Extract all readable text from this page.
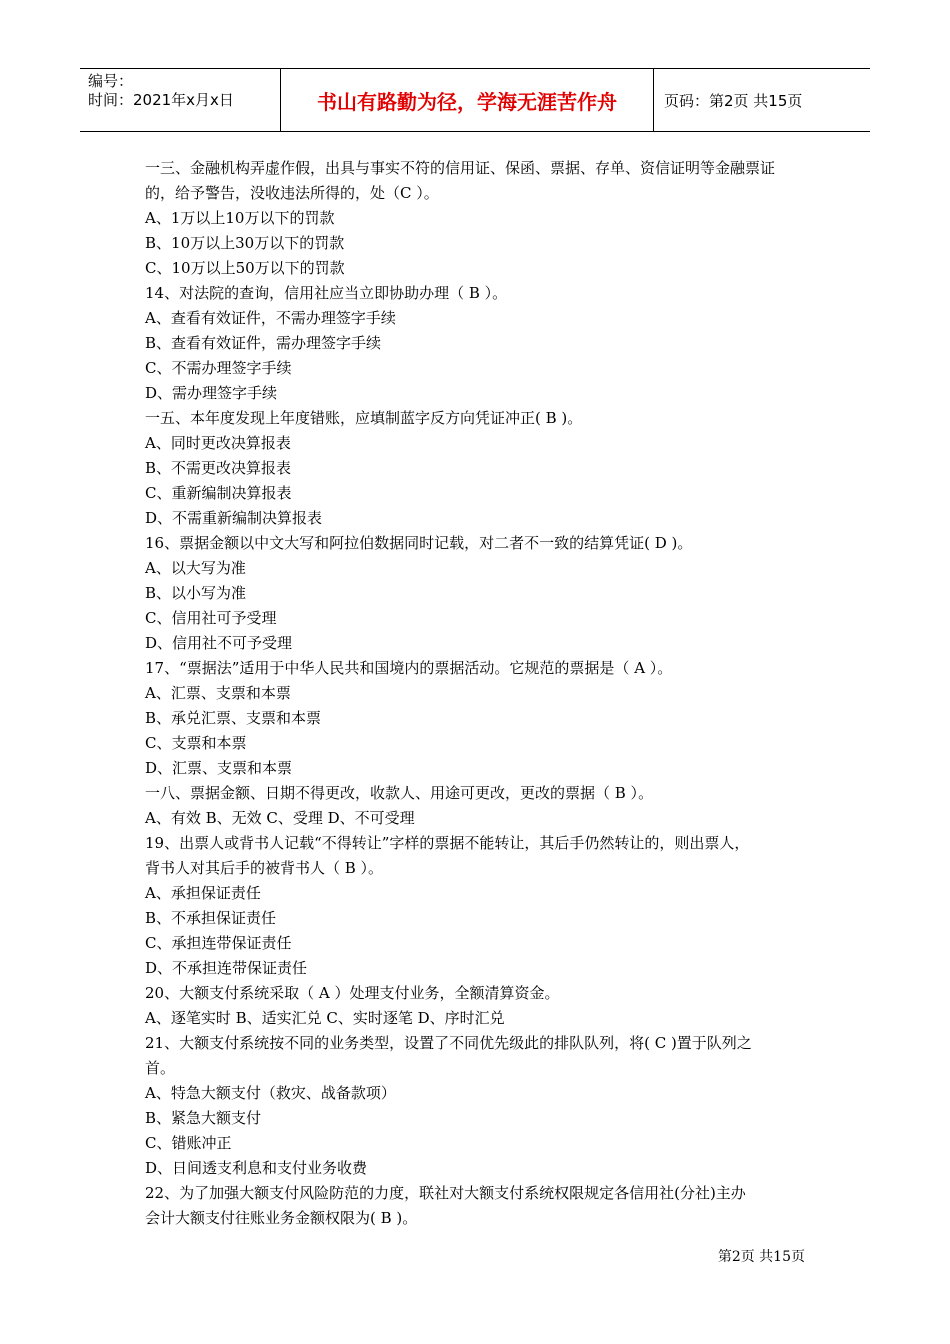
编号：
时间：2021年x月x日	书山有路勤为径，学海无涯苦作舟	页码：第2页 共15页
一三、金融机构弄虚作假，出具与事实不符的信用证、保函、票据、存单、资信证明等金融票证
的，给予警告，没收违法所得的，处（C ）。
A、1万以上10万以下的罚款
B、10万以上30万以下的罚款
C、10万以上50万以下的罚款
14、对法院的查询，信用社应当立即协助办理（ B ）。
A、查看有效证件，不需办理签字手续
B、查看有效证件，需办理签字手续
C、不需办理签字手续
D、需办理签字手续
一五、本年度发现上年度错账，应填制蓝字反方向凭证冲正( B )。
A、同时更改决算报表
B、不需更改决算报表
C、重新编制决算报表
D、不需重新编制决算报表
16、票据金额以中文大写和阿拉伯数据同时记载，对二者不一致的结算凭证( D )。
A、以大写为准
B、以小写为准
C、信用社可予受理
D、信用社不可予受理
17、“票据法”适用于中华人民共和国境内的票据活动。它规范的票据是（ A ）。
A、汇票、支票和本票
B、承兑汇票、支票和本票
C、支票和本票
D、汇票、支票和本票
一八、票据金额、日期不得更改，收款人、用途可更改，更改的票据（ B ）。
A、有效 B、无效 C、受理 D、不可受理
19、出票人或背书人记载“不得转让”字样的票据不能转让，其后手仍然转让的，则出票人，
背书人对其后手的被背书人（ B ）。
A、承担保证责任
B、不承担保证责任
C、承担连带保证责任
D、不承担连带保证责任
20、大额支付系统采取（ A ）处理支付业务，全额清算资金。
A、逐笔实时 B、适实汇兑 C、实时逐笔 D、序时汇兑
21、大额支付系统按不同的业务类型，设置了不同优先级此的排队队列，将( C )置于队列之
首。
A、特急大额支付（救灾、战备款项）
B、紧急大额支付
C、错账冲正
D、日间透支利息和支付业务收费
22、为了加强大额支付风险防范的力度，联社对大额支付系统权限规定各信用社(分社)主办
会计大额支付往账业务金额权限为( B )。
第2页 共15页
